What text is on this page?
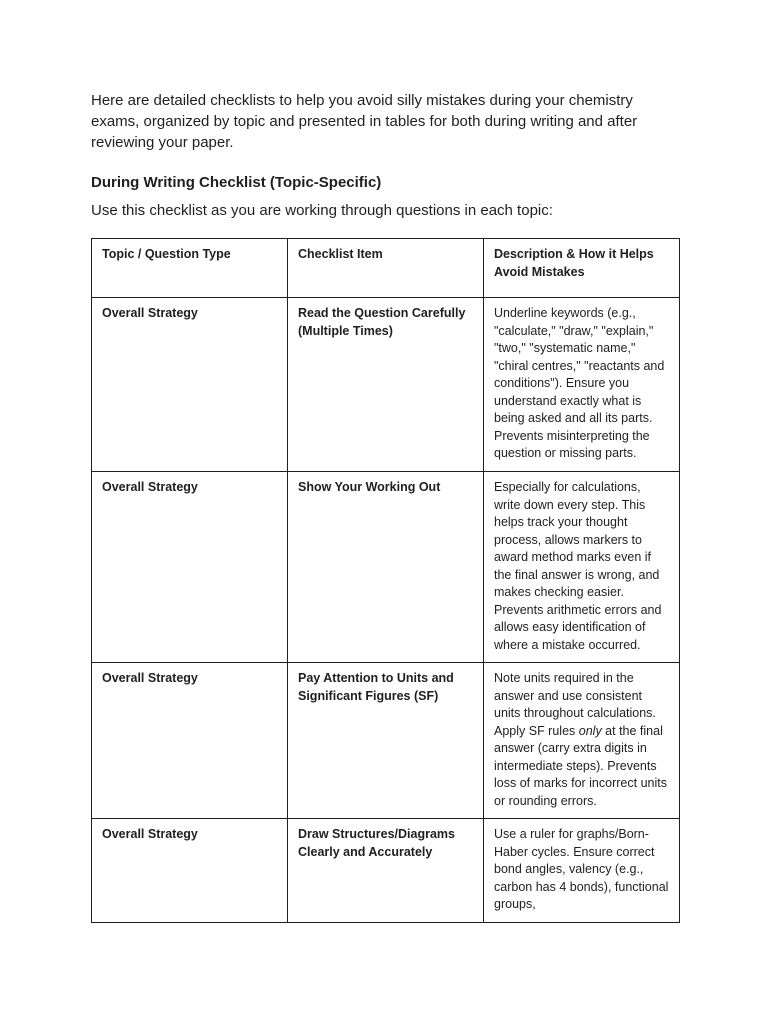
Here are detailed checklists to help you avoid silly mistakes during your chemistry exams, organized by topic and presented in tables for both during writing and after reviewing your paper.

During Writing Checklist (Topic-Specific)

Use this checklist as you are working through questions in each topic:

Topic / Question Type	Checklist Item	Description & How it Helps Avoid Mistakes
Overall Strategy	Read the Question Carefully (Multiple Times)	Underline keywords (e.g., "calculate," "draw," "explain," "two," "systematic name," "chiral centres," "reactants and conditions"). Ensure you understand exactly what is being asked and all its parts. Prevents misinterpreting the question or missing parts.
Overall Strategy	Show Your Working Out	Especially for calculations, write down every step. This helps track your thought process, allows markers to award method marks even if the final answer is wrong, and makes checking easier. Prevents arithmetic errors and allows easy identification of where a mistake occurred.
Overall Strategy	Pay Attention to Units and Significant Figures (SF)	Note units required in the answer and use consistent units throughout calculations. Apply SF rules only at the final answer (carry extra digits in intermediate steps). Prevents loss of marks for incorrect units or rounding errors.
Overall Strategy	Draw Structures/Diagrams Clearly and Accurately	Use a ruler for graphs/Born-Haber cycles. Ensure correct bond angles, valency (e.g., carbon has 4 bonds), functional groups,
